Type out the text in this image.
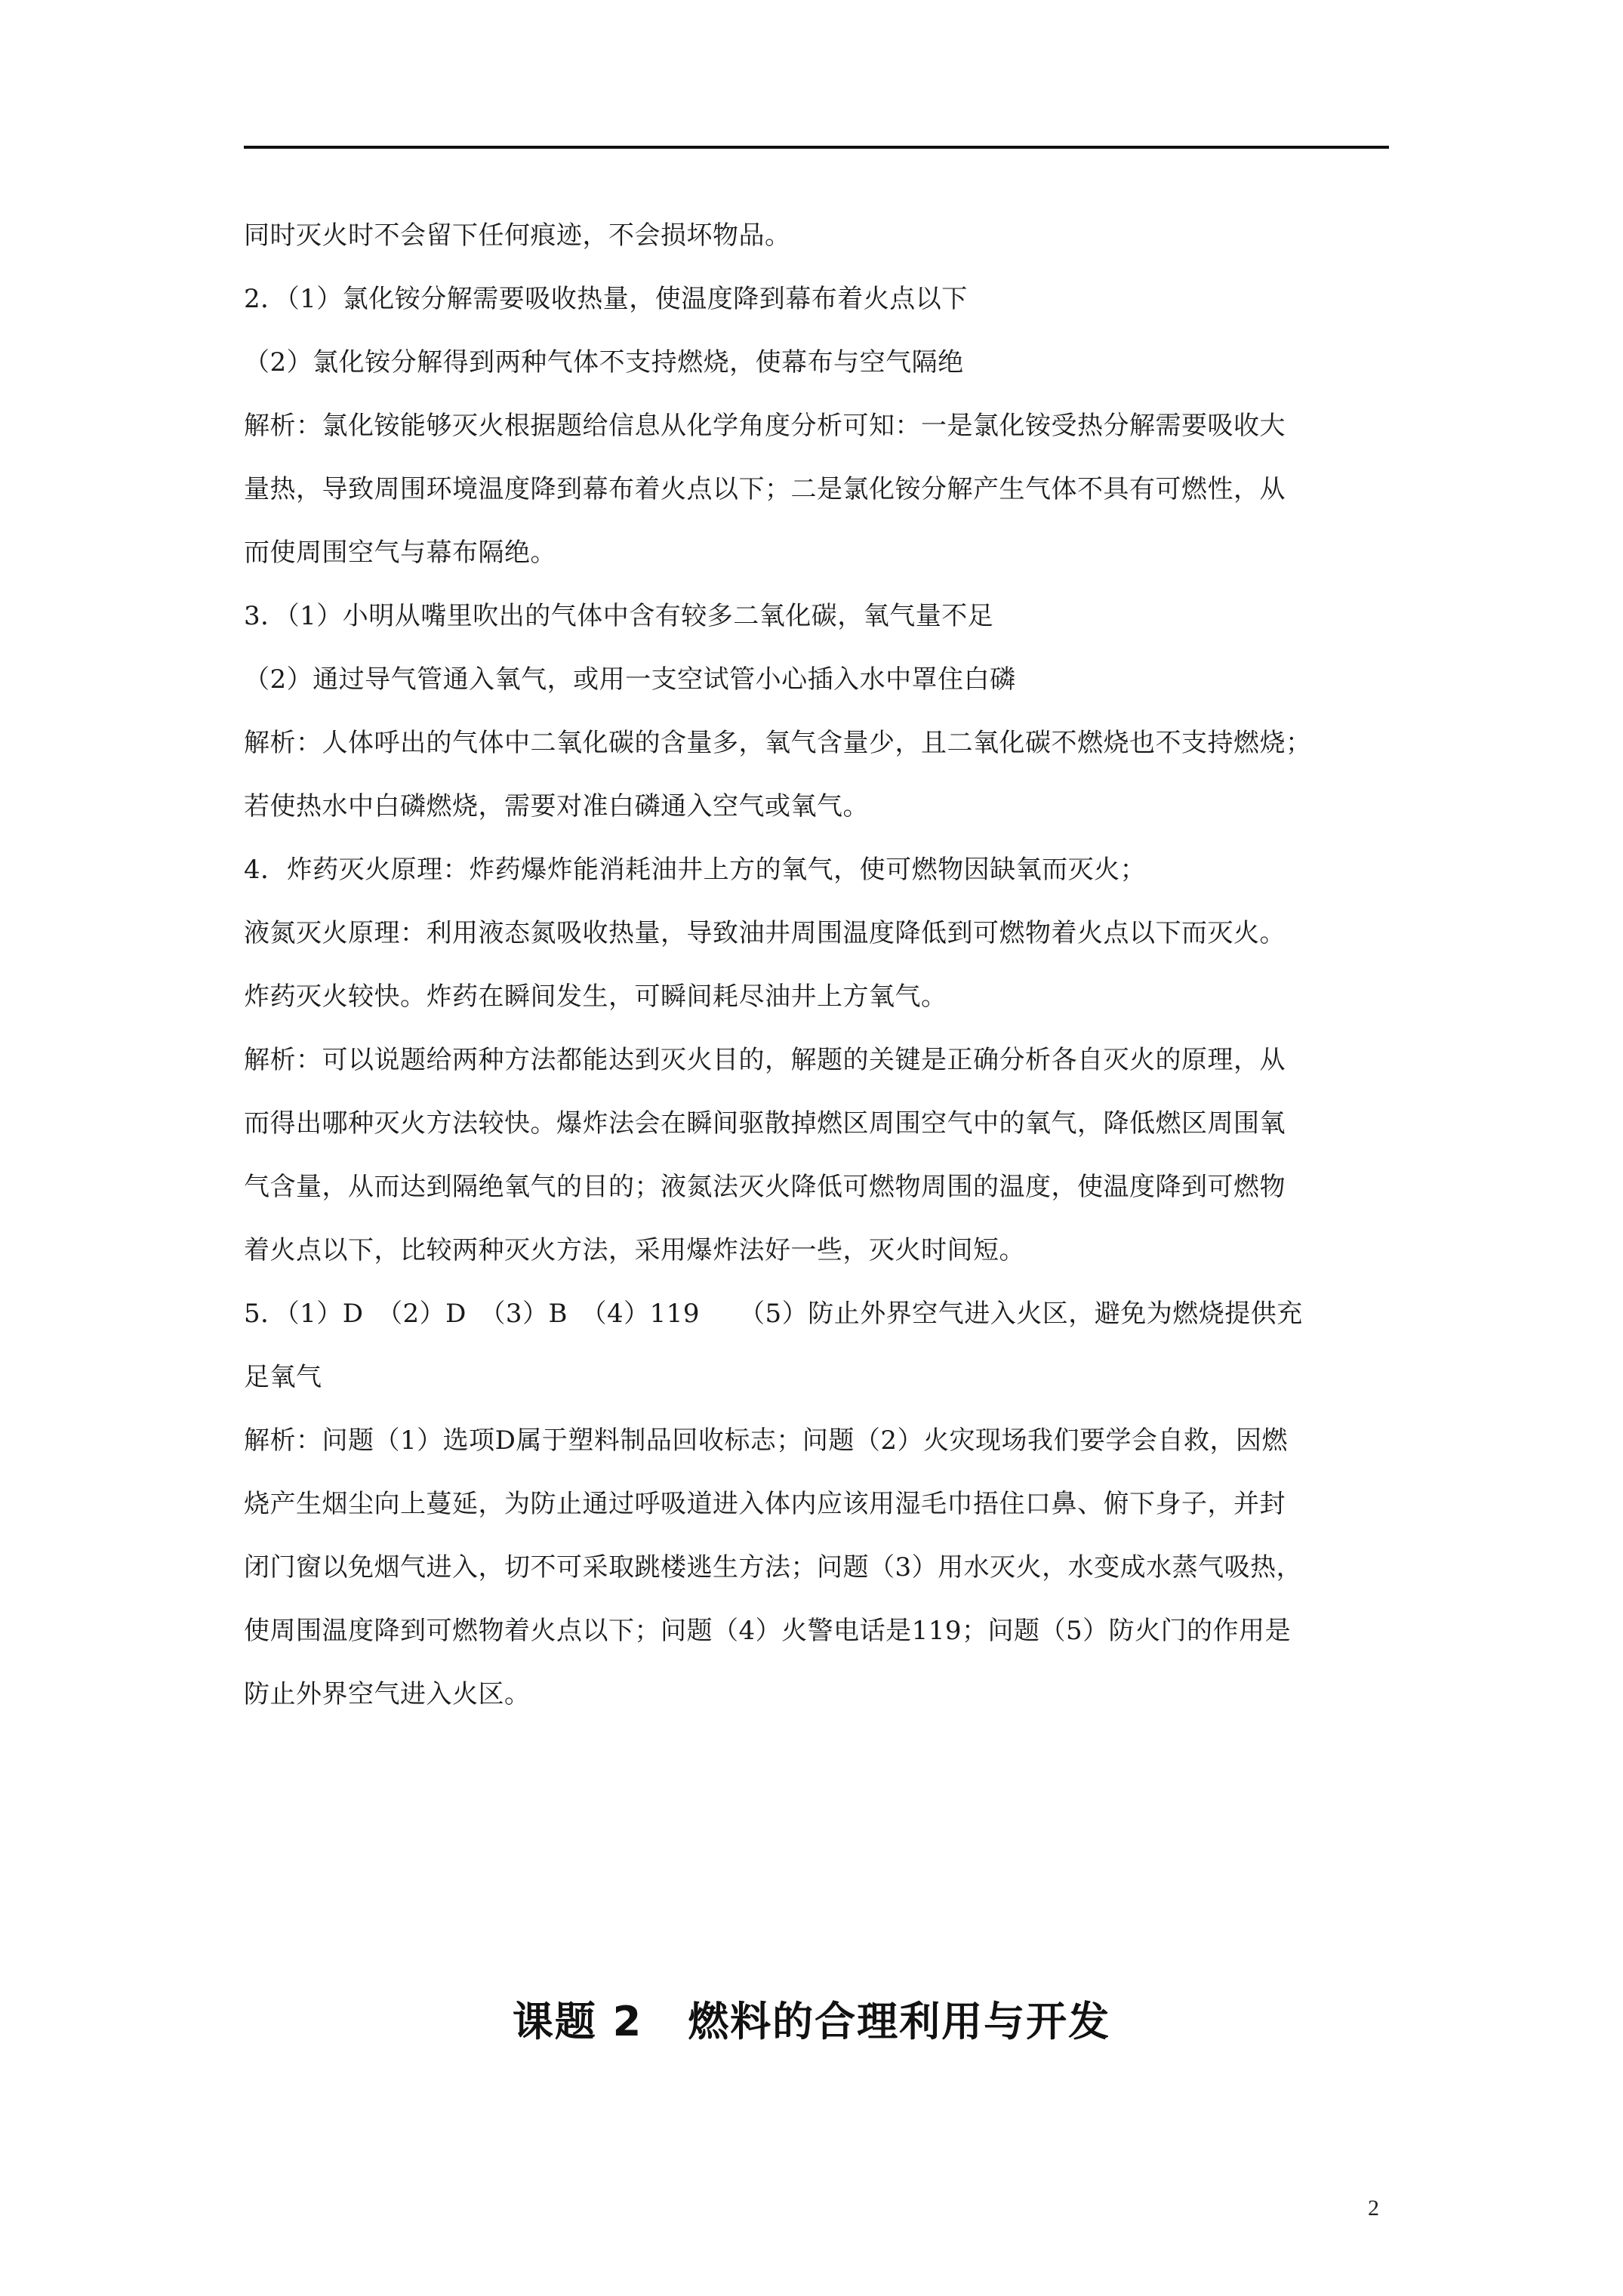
同时灭火时不会留下任何痕迹，不会损坏物品。
2．（1）氯化铵分解需要吸收热量，使温度降到幕布着火点以下
（2）氯化铵分解得到两种气体不支持燃烧，使幕布与空气隔绝
解析：氯化铵能够灭火根据题给信息从化学角度分析可知：一是氯化铵受热分解需要吸收大
量热，导致周围环境温度降到幕布着火点以下；二是氯化铵分解产生气体不具有可燃性，从
而使周围空气与幕布隔绝。
3．（1）小明从嘴里吹出的气体中含有较多二氧化碳，氧气量不足
（2）通过导气管通入氧气，或用一支空试管小心插入水中罩住白磷
解析：人体呼出的气体中二氧化碳的含量多，氧气含量少，且二氧化碳不燃烧也不支持燃烧；
若使热水中白磷燃烧，需要对准白磷通入空气或氧气。
4．炸药灭火原理：炸药爆炸能消耗油井上方的氧气，使可燃物因缺氧而灭火；
液氮灭火原理：利用液态氮吸收热量，导致油井周围温度降低到可燃物着火点以下而灭火。
炸药灭火较快。炸药在瞬间发生，可瞬间耗尽油井上方氧气。
解析：可以说题给两种方法都能达到灭火目的，解题的关键是正确分析各自灭火的原理，从
而得出哪种灭火方法较快。爆炸法会在瞬间驱散掉燃区周围空气中的氧气，降低燃区周围氧
气含量，从而达到隔绝氧气的目的；液氮法灭火降低可燃物周围的温度，使温度降到可燃物
着火点以下，比较两种灭火方法，采用爆炸法好一些，灭火时间短。
5．（1）D　（2）D　（3）B　（4）119　　（5）防止外界空气进入火区，避免为燃烧提供充
足氧气
解析：问题（1）选项D属于塑料制品回收标志；问题（2）火灾现场我们要学会自救，因燃
烧产生烟尘向上蔓延，为防止通过呼吸道进入体内应该用湿毛巾捂住口鼻、俯下身子，并封
闭门窗以免烟气进入，切不可采取跳楼逃生方法；问题（3）用水灭火，水变成水蒸气吸热，
使周围温度降到可燃物着火点以下；问题（4）火警电话是119；问题（5）防火门的作用是
防止外界空气进入火区。
课题 2 燃料的合理利用与开发
2
